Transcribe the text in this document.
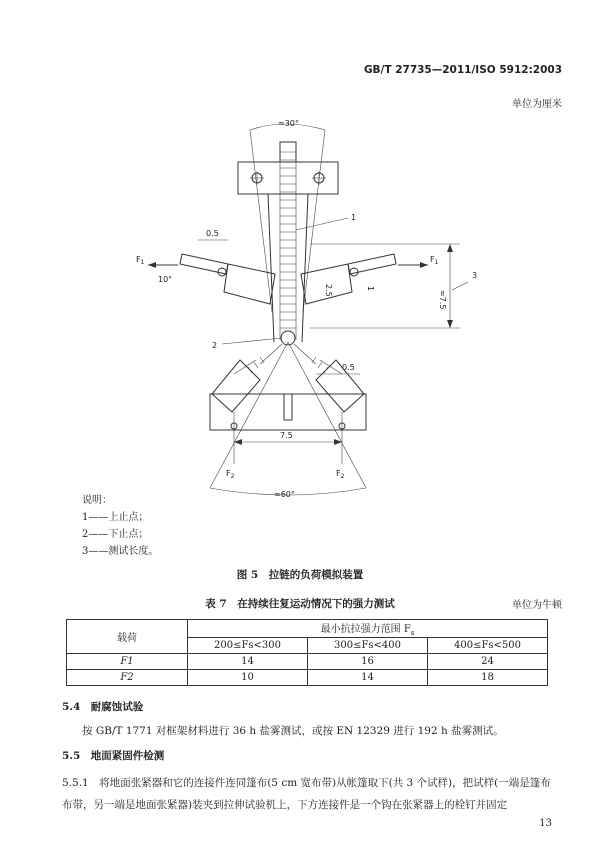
GB/T 27735—2011/ISO 5912:2003
单位为厘米
≈30°
$F_1$	$F_1$
0.5
10°
2.5	1
≈7.5
3
1
2
0.5
7.5
$F_2$	$F_2$
≈60°
说明：
1——上止点；
2——下止点；
3——测试长度。
图 5　拉链的负荷模拟装置
表 7　在持续往复运动情况下的强力测试	单位为牛顿
载荷	最小抗拉强力范围 $F_s$
	200≤Fs<300	300≤Fs<400	400≤Fs<500
F1	14	16	24
F2	10	14	18
5.4　耐腐蚀试验
按 GB/T 1771 对框架材料进行 36 h 盐雾测试，或按 EN 12329 进行 192 h 盐雾测试。
5.5　地面紧固件检测
5.5.1　将地面张紧器和它的连接件连同篷布(5 cm 宽布带)从帐篷取下(共 3 个试样)，把试样(一端是篷布布带，另一端是地面张紧器)装夹到拉伸试验机上，下方连接件是一个钩在张紧器上的栓钉并固定
13
